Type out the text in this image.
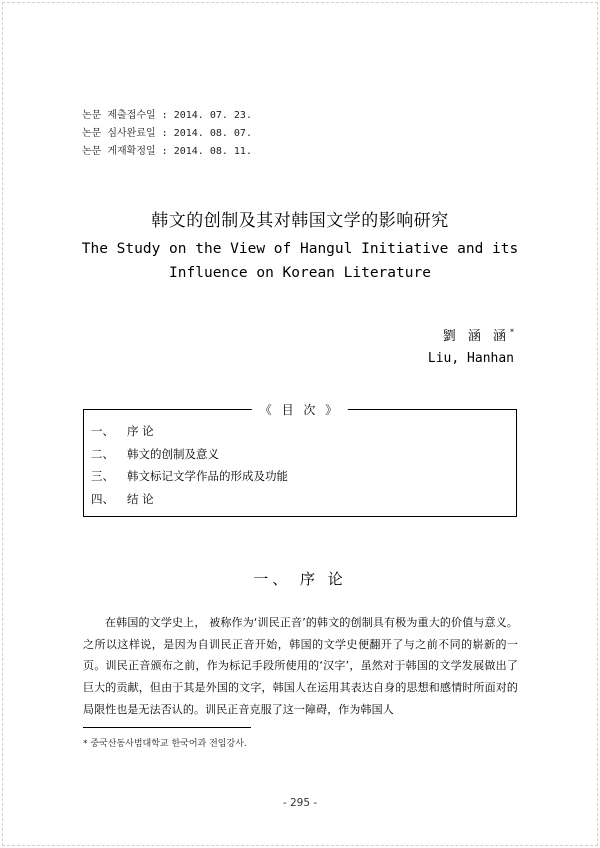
논문 제출접수일 : 2014. 07. 23.
논문 심사완료일 : 2014. 08. 07.
논문 게재확정일 : 2014. 08. 11.
韩文的创制及其对韩国文学的影响研究
The Study on the View of Hangul Initiative and its
Influence on Korean Literature
劉 涵 涵*
Liu, Hanhan
《 目 次 》
一、 序 论
二、 韩文的创制及意义
三、 韩文标记文学作品的形成及功能
四、 结 论
一、 序 论
在韩国的文学史上， 被称作为‘训民正音’的韩文的创制具有极为重大的价值与意义。之所以这样说，是因为自训民正音开始，韩国的文学史便翻开了与之前不同的崭新的一页。训民正音颁布之前，作为标记手段所使用的‘汉字’，虽然对于韩国的文学发展做出了巨大的贡献，但由于其是外国的文字，韩国人在运用其表达自身的思想和感情时所面对的局限性也是无法否认的。训民正音克服了这一障碍，作为韩国人
* 중국산동사범대학교 한국어과 전임강사.
- 295 -
